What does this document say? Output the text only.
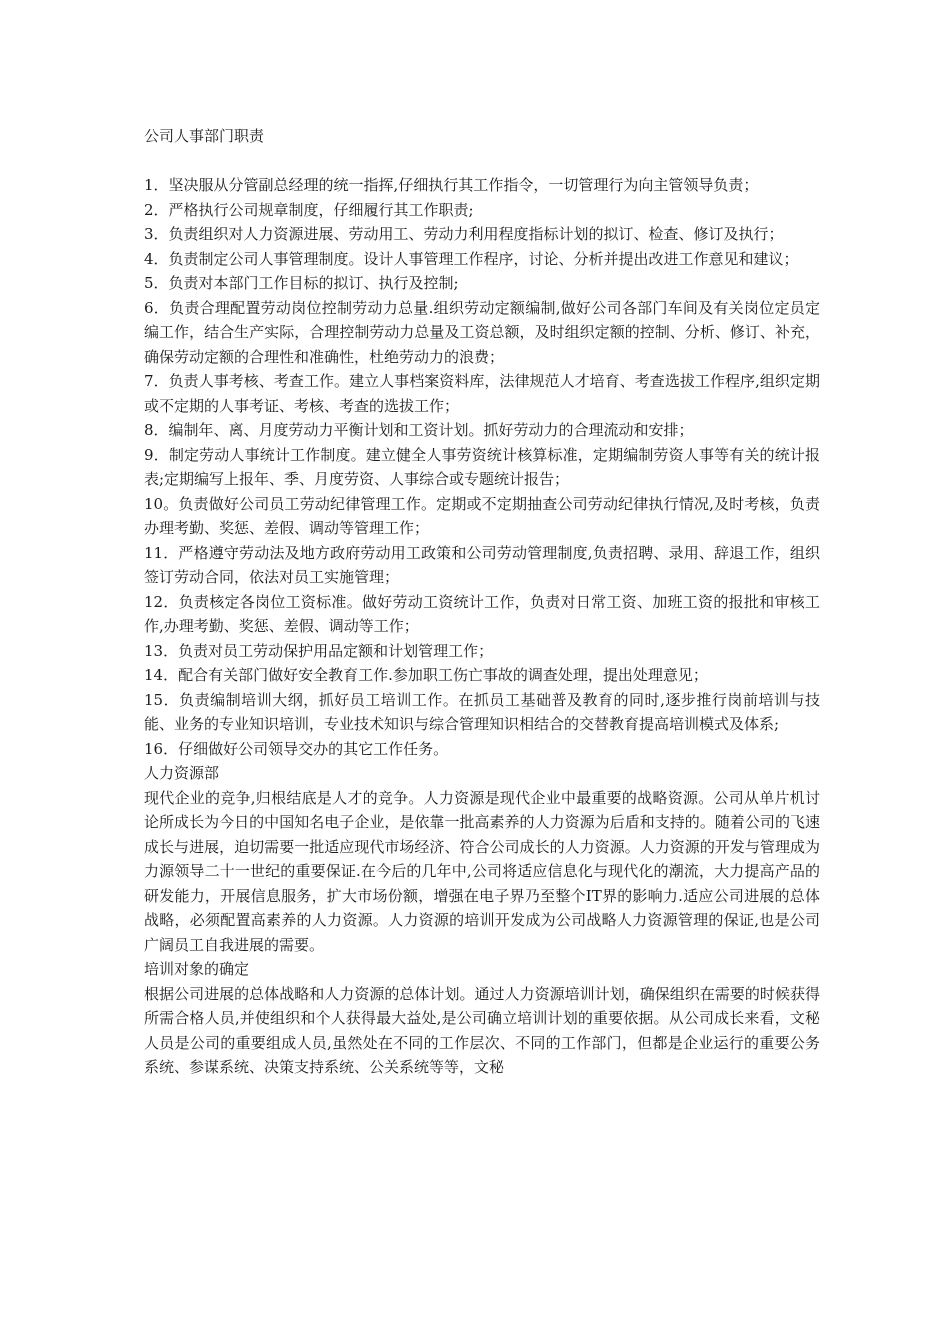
公司人事部门职责

1．坚决服从分管副总经理的统一指挥,仔细执行其工作指令，一切管理行为向主管领导负责；

2．严格执行公司规章制度，仔细履行其工作职责;

3．负责组织对人力资源进展、劳动用工、劳动力利用程度指标计划的拟订、检查、修订及执行；

4．负责制定公司人事管理制度。设计人事管理工作程序，讨论、分析并提出改进工作意见和建议；

5．负责对本部门工作目标的拟订、执行及控制;

6．负责合理配置劳动岗位控制劳动力总量.组织劳动定额编制,做好公司各部门车间及有关岗位定员定编工作，结合生产实际，合理控制劳动力总量及工资总额，及时组织定额的控制、分析、修订、补充，确保劳动定额的合理性和准确性，杜绝劳动力的浪费；

7．负责人事考核、考查工作。建立人事档案资料库，法律规范人才培育、考查选拔工作程序,组织定期或不定期的人事考证、考核、考查的选拔工作；

8．编制年、离、月度劳动力平衡计划和工资计划。抓好劳动力的合理流动和安排；

9．制定劳动人事统计工作制度。建立健全人事劳资统计核算标准，定期编制劳资人事等有关的统计报表;定期编写上报年、季、月度劳资、人事综合或专题统计报告；

10。负责做好公司员工劳动纪律管理工作。定期或不定期抽查公司劳动纪律执行情况,及时考核，负责办理考勤、奖惩、差假、调动等管理工作；

11．严格遵守劳动法及地方政府劳动用工政策和公司劳动管理制度,负责招聘、录用、辞退工作，组织签订劳动合同，依法对员工实施管理；

12．负责核定各岗位工资标准。做好劳动工资统计工作，负责对日常工资、加班工资的报批和审核工作,办理考勤、奖惩、差假、调动等工作；

13．负责对员工劳动保护用品定额和计划管理工作；

14．配合有关部门做好安全教育工作.参加职工伤亡事故的调查处理，提出处理意见；

15．负责编制培训大纲，抓好员工培训工作。在抓员工基础普及教育的同时,逐步推行岗前培训与技能、业务的专业知识培训，专业技术知识与综合管理知识相结合的交替教育提高培训模式及体系;

16．仔细做好公司领导交办的其它工作任务。

人力资源部

现代企业的竞争,归根结底是人才的竞争。人力资源是现代企业中最重要的战略资源。公司从单片机讨论所成长为今日的中国知名电子企业，是依靠一批高素养的人力资源为后盾和支持的。随着公司的飞速成长与进展，迫切需要一批适应现代市场经济、符合公司成长的人力资源。人力资源的开发与管理成为力源领导二十一世纪的重要保证.在今后的几年中,公司将适应信息化与现代化的潮流，大力提高产品的研发能力，开展信息服务，扩大市场份额，增强在电子界乃至整个IT界的影响力.适应公司进展的总体战略，必须配置高素养的人力资源。人力资源的培训开发成为公司战略人力资源管理的保证,也是公司广阔员工自我进展的需要。

培训对象的确定

根据公司进展的总体战略和人力资源的总体计划。通过人力资源培训计划，确保组织在需要的时候获得所需合格人员,并使组织和个人获得最大益处,是公司确立培训计划的重要依据。从公司成长来看，文秘人员是公司的重要组成人员,虽然处在不同的工作层次、不同的工作部门，但都是企业运行的重要公务系统、参谋系统、决策支持系统、公关系统等等，文秘
